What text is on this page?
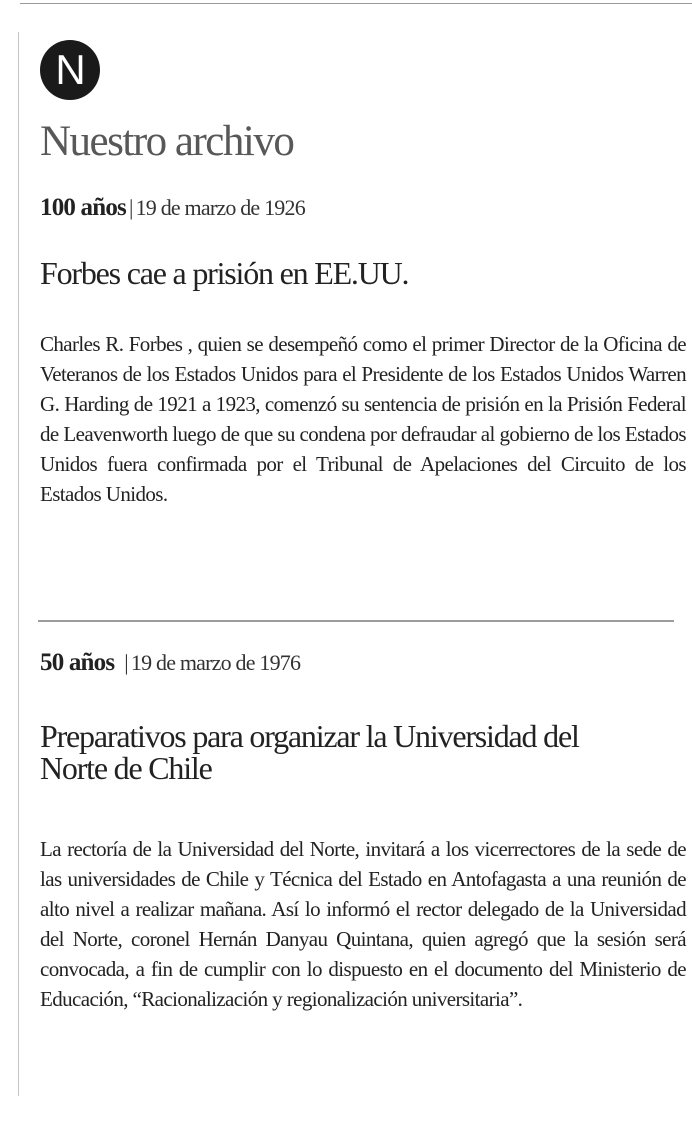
N
Nuestro archivo
100 años | 19 de marzo de 1926
Forbes cae a prisión en EE.UU.

Charles R. Forbes , quien se desempeñó como el primer Director de la Oficina de Veteranos de los Estados Unidos para el Presidente de los Estados Unidos Warren G. Harding de 1921 a 1923, comenzó su sentencia de prisión en la Prisión Federal de Leavenworth luego de que su condena por defraudar al gobierno de los Estados Unidos fuera confirmada por el Tribunal de Apelaciones del Circuito de los Estados Unidos.

50 años | 19 de marzo de 1976
Preparativos para organizar la Universidad del Norte de Chile

La rectoría de la Universidad del Norte, invitará a los vicerrectores de la sede de las universidades de Chile y Técnica del Estado en Antofagasta a una reunión de alto nivel a realizar mañana. Así lo informó el rector delegado de la Universidad del Norte, coronel Hernán Danyau Quintana, quien agregó que la sesión será convocada, a fin de cumplir con lo dispuesto en el documento del Ministerio de Educación, “Racionalización y regionalización universitaria”.
